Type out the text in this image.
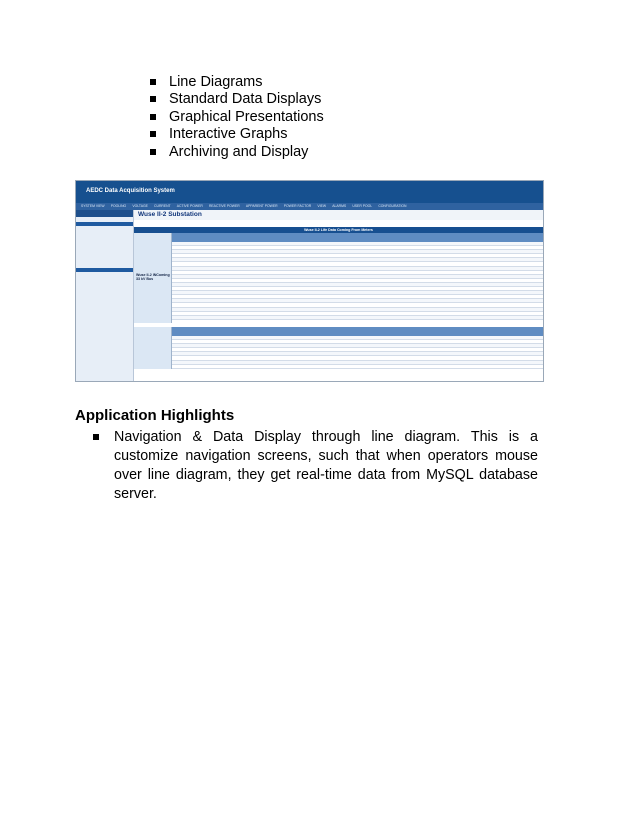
Line Diagrams
Standard Data Displays
Graphical Presentations
Interactive Graphs
Archiving and Display
AEDC Data Acquisition System
SYSTEM VIEW POOLING VOLTAGE CURRENT ACTIVE POWER REACTIVE POWER APPARENT POWER POWER FACTOR VIEW ALARMS USER POOL CONFIGURATION

Wuse II-2 Substation
Wuse II-2 Life Data Coming From Meters
Wuse II-2 INComing 33 kV Bus
Application Highlights
Navigation & Data Display through line diagram. This is a customize navigation screens, such that when operators mouse over line diagram, they get real-time data from MySQL database server.
